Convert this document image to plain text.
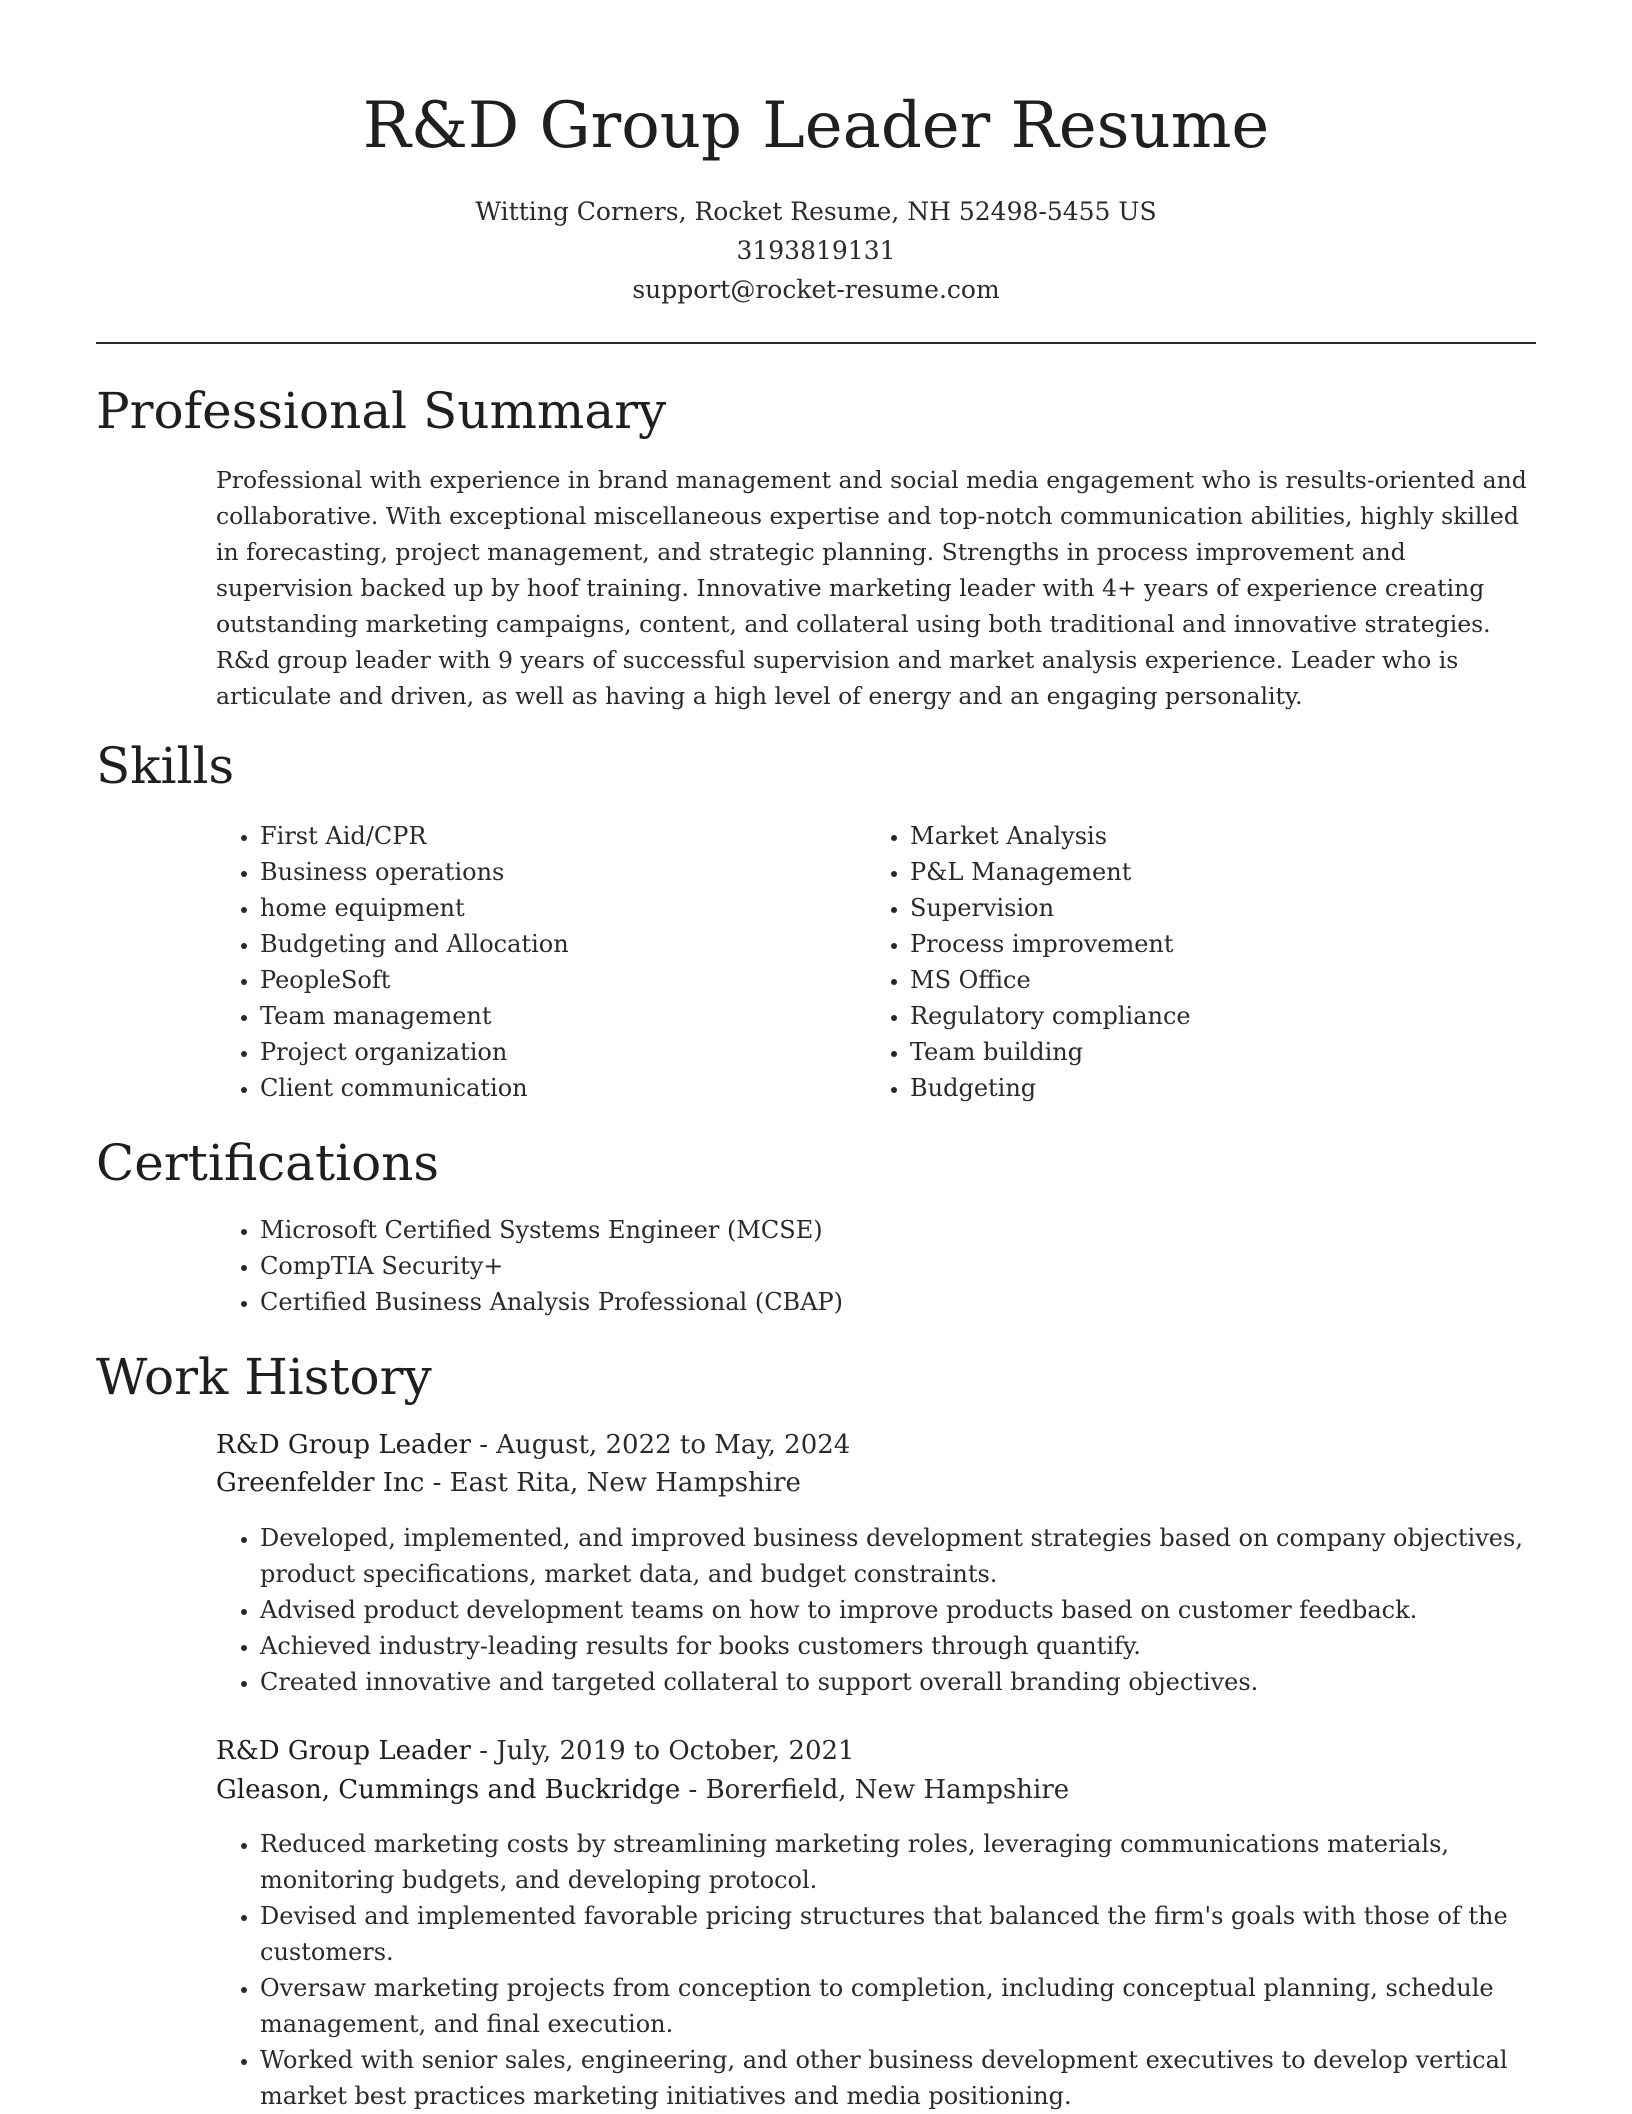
R&D Group Leader Resume
Witting Corners, Rocket Resume, NH 52498-5455 US
3193819131
support@rocket-resume.com
Professional Summary

Professional with experience in brand management and social media engagement who is results-oriented and collaborative. With exceptional miscellaneous expertise and top-notch communication abilities, highly skilled in forecasting, project management, and strategic planning. Strengths in process improvement and supervision backed up by hoof training. Innovative marketing leader with 4+ years of experience creating outstanding marketing campaigns, content, and collateral using both traditional and innovative strategies. R&d group leader with 9 years of successful supervision and market analysis experience. Leader who is articulate and driven, as well as having a high level of energy and an engaging personality.

Skills
• First Aid/CPR
• Business operations
• home equipment
• Budgeting and Allocation
• PeopleSoft
• Team management
• Project organization
• Client communication
• Market Analysis
• P&L Management
• Supervision
• Process improvement
• MS Office
• Regulatory compliance
• Team building
• Budgeting
Certifications
• Microsoft Certified Systems Engineer (MCSE)
• CompTIA Security+
• Certified Business Analysis Professional (CBAP)
Work History
R&D Group Leader - August, 2022 to May, 2024
Greenfelder Inc - East Rita, New Hampshire
• Developed, implemented, and improved business development strategies based on company objectives, product specifications, market data, and budget constraints.
• Advised product development teams on how to improve products based on customer feedback.
• Achieved industry-leading results for books customers through quantify.
• Created innovative and targeted collateral to support overall branding objectives.
R&D Group Leader - July, 2019 to October, 2021
Gleason, Cummings and Buckridge - Borerfield, New Hampshire
• Reduced marketing costs by streamlining marketing roles, leveraging communications materials, monitoring budgets, and developing protocol.
• Devised and implemented favorable pricing structures that balanced the firm's goals with those of the customers.
• Oversaw marketing projects from conception to completion, including conceptual planning, schedule management, and final execution.
• Worked with senior sales, engineering, and other business development executives to develop vertical market best practices marketing initiatives and media positioning.
